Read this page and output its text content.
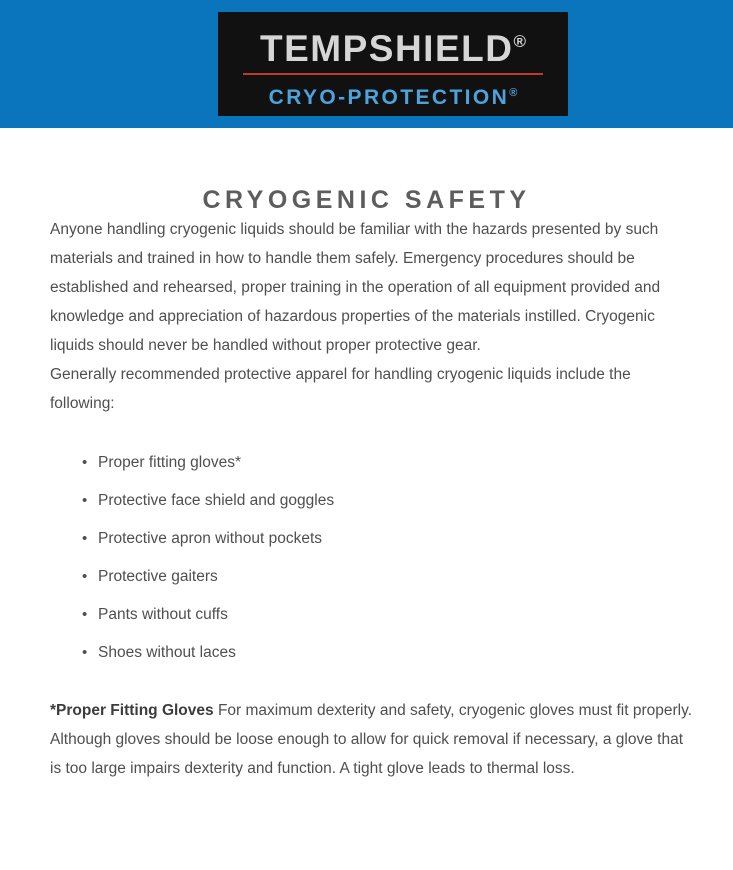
TEMPSHIELD®
CRYO-PROTECTION®
CRYOGENIC SAFETY

Anyone handling cryogenic liquids should be familiar with the hazards presented by such materials and trained in how to handle them safely. Emergency procedures should be established and rehearsed, proper training in the operation of all equipment provided and knowledge and appreciation of hazardous properties of the materials instilled. Cryogenic liquids should never be handled without proper protective gear.

Generally recommended protective apparel for handling cryogenic liquids include the following:

• Proper fitting gloves*
• Protective face shield and goggles
• Protective apron without pockets
• Protective gaiters
• Pants without cuffs
• Shoes without laces

*Proper Fitting Gloves For maximum dexterity and safety, cryogenic gloves must fit properly. Although gloves should be loose enough to allow for quick removal if necessary, a glove that is too large impairs dexterity and function. A tight glove leads to thermal loss.
